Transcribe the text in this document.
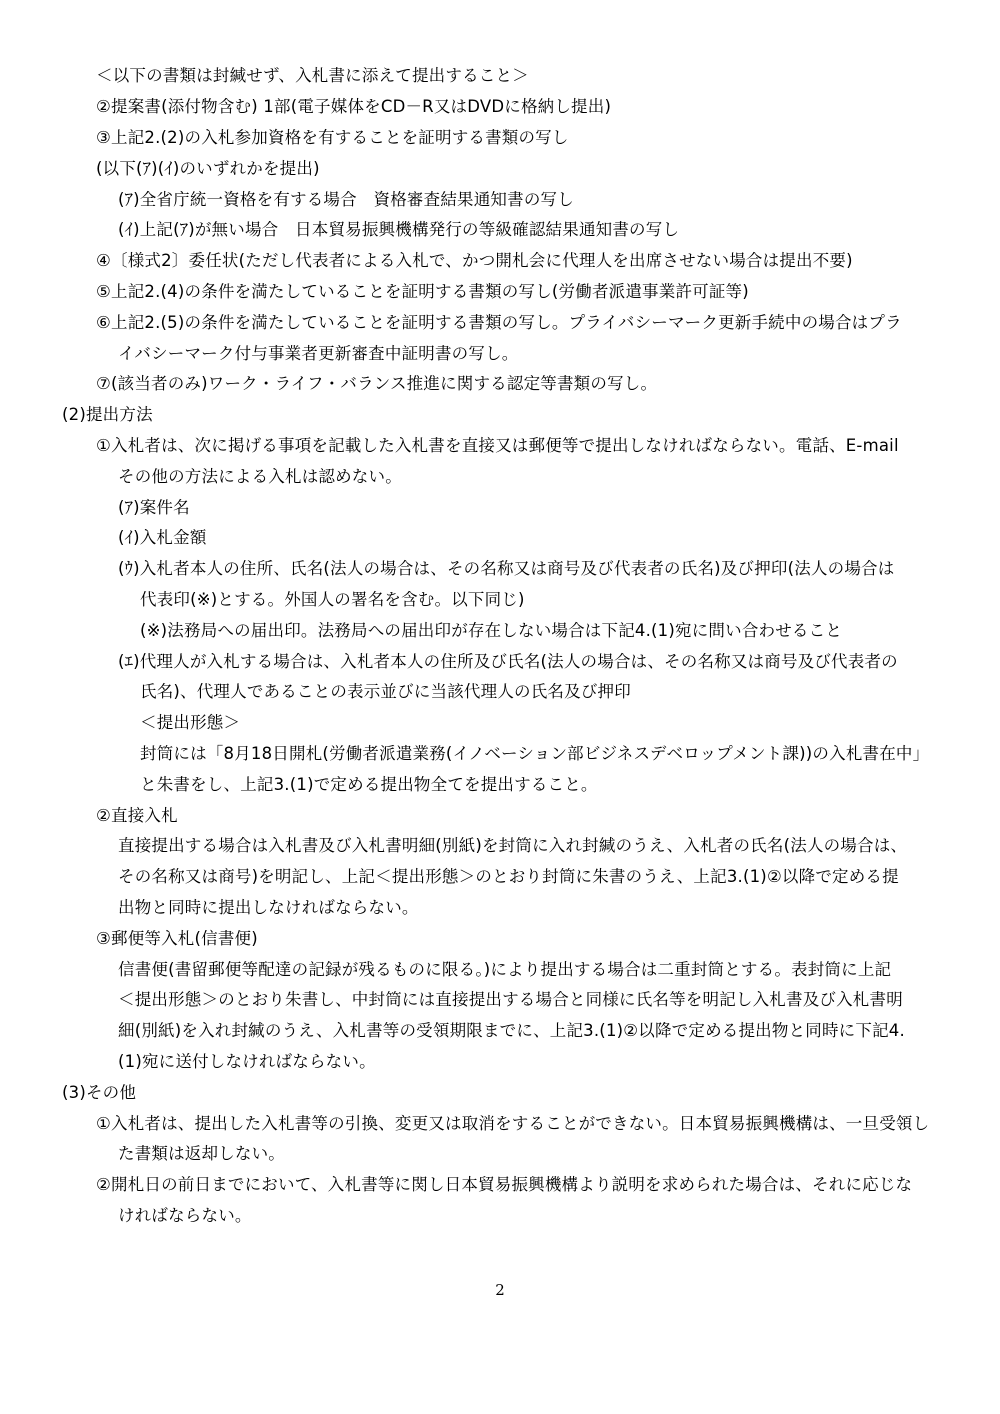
＜以下の書類は封緘せず、入札書に添えて提出すること＞
②提案書(添付物含む) 1部(電子媒体をCD－R又はDVDに格納し提出)
③上記2.(2)の入札参加資格を有することを証明する書類の写し
(以下(ｱ)(ｲ)のいずれかを提出)
(ｱ)全省庁統一資格を有する場合　資格審査結果通知書の写し
(ｲ)上記(ｱ)が無い場合　日本貿易振興機構発行の等級確認結果通知書の写し
④〔様式2〕委任状(ただし代表者による入札で、かつ開札会に代理人を出席させない場合は提出不要)
⑤上記2.(4)の条件を満たしていることを証明する書類の写し(労働者派遣事業許可証等)
⑥上記2.(5)の条件を満たしていることを証明する書類の写し。プライバシーマーク更新手続中の場合はプラ
イバシーマーク付与事業者更新審査中証明書の写し。
⑦(該当者のみ)ワーク・ライフ・バランス推進に関する認定等書類の写し。
(2)提出方法
①入札者は、次に掲げる事項を記載した入札書を直接又は郵便等で提出しなければならない。電話、E-mail
その他の方法による入札は認めない。
(ｱ)案件名
(ｲ)入札金額
(ｳ)入札者本人の住所、氏名(法人の場合は、その名称又は商号及び代表者の氏名)及び押印(法人の場合は
代表印(※)とする。外国人の署名を含む。以下同じ)
(※)法務局への届出印。法務局への届出印が存在しない場合は下記4.(1)宛に問い合わせること
(ｴ)代理人が入札する場合は、入札者本人の住所及び氏名(法人の場合は、その名称又は商号及び代表者の
氏名)、代理人であることの表示並びに当該代理人の氏名及び押印
＜提出形態＞
封筒には「8月18日開札(労働者派遣業務(イノベーション部ビジネスデベロップメント課))の入札書在中」
と朱書をし、上記3.(1)で定める提出物全てを提出すること。
②直接入札
直接提出する場合は入札書及び入札書明細(別紙)を封筒に入れ封緘のうえ、入札者の氏名(法人の場合は、
その名称又は商号)を明記し、上記＜提出形態＞のとおり封筒に朱書のうえ、上記3.(1)②以降で定める提
出物と同時に提出しなければならない。
③郵便等入札(信書便)
信書便(書留郵便等配達の記録が残るものに限る。)により提出する場合は二重封筒とする。表封筒に上記
＜提出形態＞のとおり朱書し、中封筒には直接提出する場合と同様に氏名等を明記し入札書及び入札書明
細(別紙)を入れ封緘のうえ、入札書等の受領期限までに、上記3.(1)②以降で定める提出物と同時に下記4.
(1)宛に送付しなければならない。
(3)その他
①入札者は、提出した入札書等の引換、変更又は取消をすることができない。日本貿易振興機構は、一旦受領し
た書類は返却しない。
②開札日の前日までにおいて、入札書等に関し日本貿易振興機構より説明を求められた場合は、それに応じな
ければならない。
2
